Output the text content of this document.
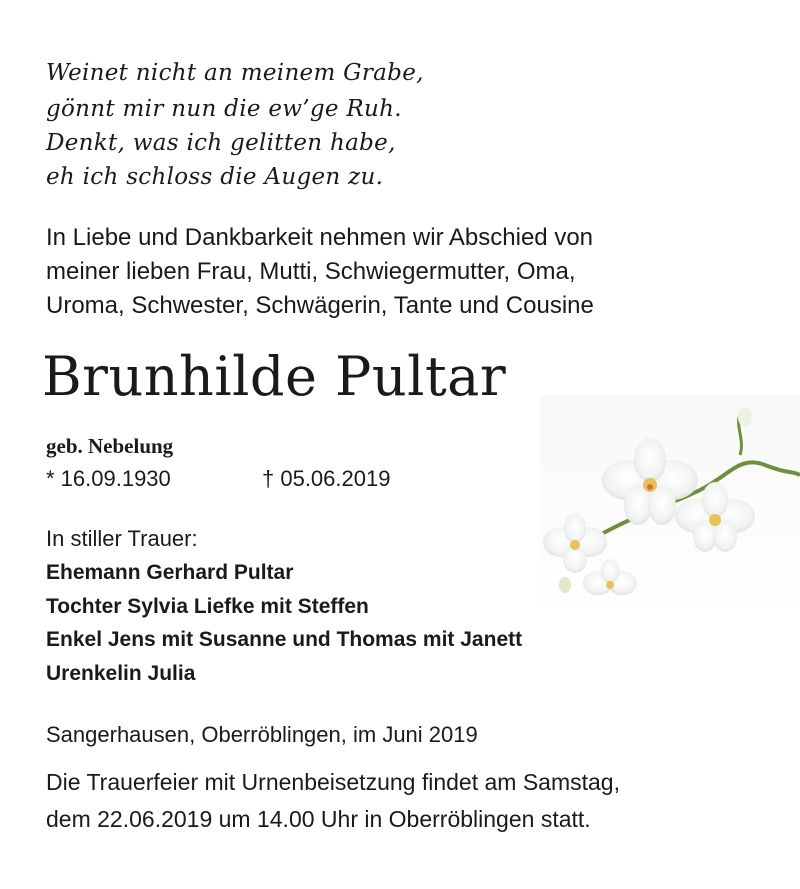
Weinet nicht an meinem Grabe,
gönnt mir nun die ew’ge Ruh.
Denkt, was ich gelitten habe,
eh ich schloss die Augen zu.
In Liebe und Dankbarkeit nehmen wir Abschied von
meiner lieben Frau, Mutti, Schwiegermutter, Oma,
Uroma, Schwester, Schwägerin, Tante und Cousine
Brunhilde Pultar
geb. Nebelung
* 16.09.1930	† 05.06.2019
In stiller Trauer:
Ehemann Gerhard Pultar
Tochter Sylvia Liefke mit Steffen
Enkel Jens mit Susanne und Thomas mit Janett
Urenkelin Julia
Sangerhausen, Oberröblingen, im Juni 2019
Die Trauerfeier mit Urnenbeisetzung findet am Samstag,
dem 22.06.2019 um 14.00 Uhr in Oberröblingen statt.
